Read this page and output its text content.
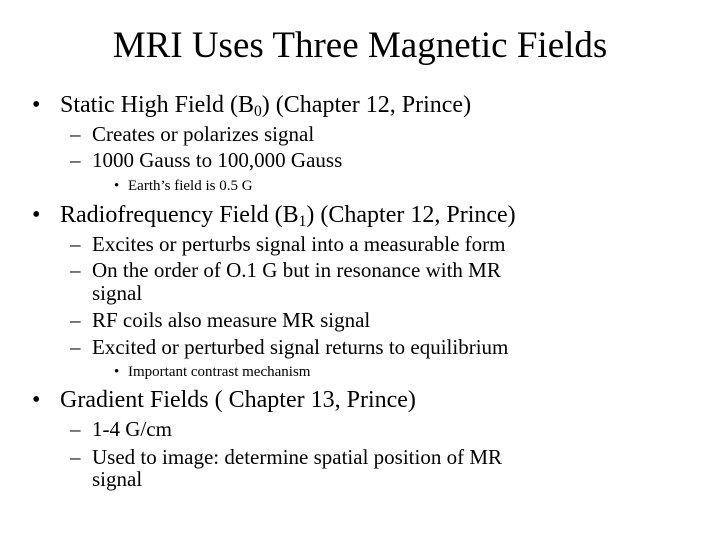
MRI Uses Three Magnetic Fields
• Static High Field $(B_0)$ (Chapter 12, Prince)
– Creates or polarizes signal
– 1000 Gauss to 100,000 Gauss
• Earth’s field is 0.5 G
• Radiofrequency Field $(B_1)$ (Chapter 12, Prince)
– Excites or perturbs signal into a measurable form
– On the order of O.1 G but in resonance with MR
signal
– RF coils also measure MR signal
– Excited or perturbed signal returns to equilibrium
• Important contrast mechanism
• Gradient Fields ( Chapter 13, Prince)
– 1-4 G/cm
– Used to image: determine spatial position of MR
signal
